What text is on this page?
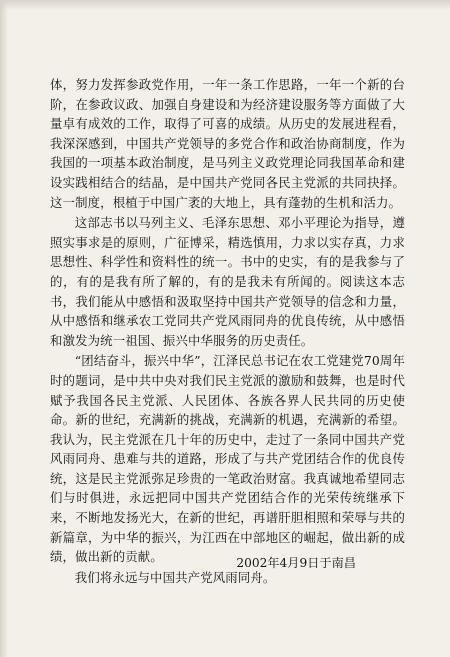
体，努力发挥参政党作用，一年一条工作思路，一年一个新的台阶，在参政议政、加强自身建设和为经济建设服务等方面做了大量卓有成效的工作，取得了可喜的成绩。从历史的发展进程看，我深深感到，中国共产党领导的多党合作和政治协商制度，作为我国的一项基本政治制度，是马列主义政党理论同我国革命和建设实践相结合的结晶，是中国共产党同各民主党派的共同抉择。这一制度，根植于中国广袤的大地上，具有蓬勃的生机和活力。

这部志书以马列主义、毛泽东思想、邓小平理论为指导，遵照实事求是的原则，广征博采，精选慎用，力求以实存真，力求思想性、科学性和资料性的统一。书中的史实，有的是我参与了的，有的是我有所了解的，有的是我未有所闻的。阅读这本志书，我们能从中感悟和汲取坚持中国共产党领导的信念和力量，从中感悟和继承农工党同共产党风雨同舟的优良传统，从中感悟和激发为统一祖国、振兴中华服务的历史责任。

“团结奋斗，振兴中华”，江泽民总书记在农工党建党70周年时的题词，是中共中央对我们民主党派的激励和鼓舞，也是时代赋予我国各民主党派、人民团体、各族各界人民共同的历史使命。新的世纪，充满新的挑战，充满新的机遇，充满新的希望。我认为，民主党派在几十年的历史中，走过了一条同中国共产党风雨同舟、患难与共的道路，形成了与共产党团结合作的优良传统，这是民主党派弥足珍贵的一笔政治财富。我真诚地希望同志们与时俱进，永远把同中国共产党团结合作的光荣传统继承下来，不断地发扬光大，在新的世纪，再谱肝胆相照和荣辱与共的新篇章，为中华的振兴，为江西在中部地区的崛起，做出新的成绩，做出新的贡献。

我们将永远与中国共产党风雨同舟。

2002年4月9日于南昌
